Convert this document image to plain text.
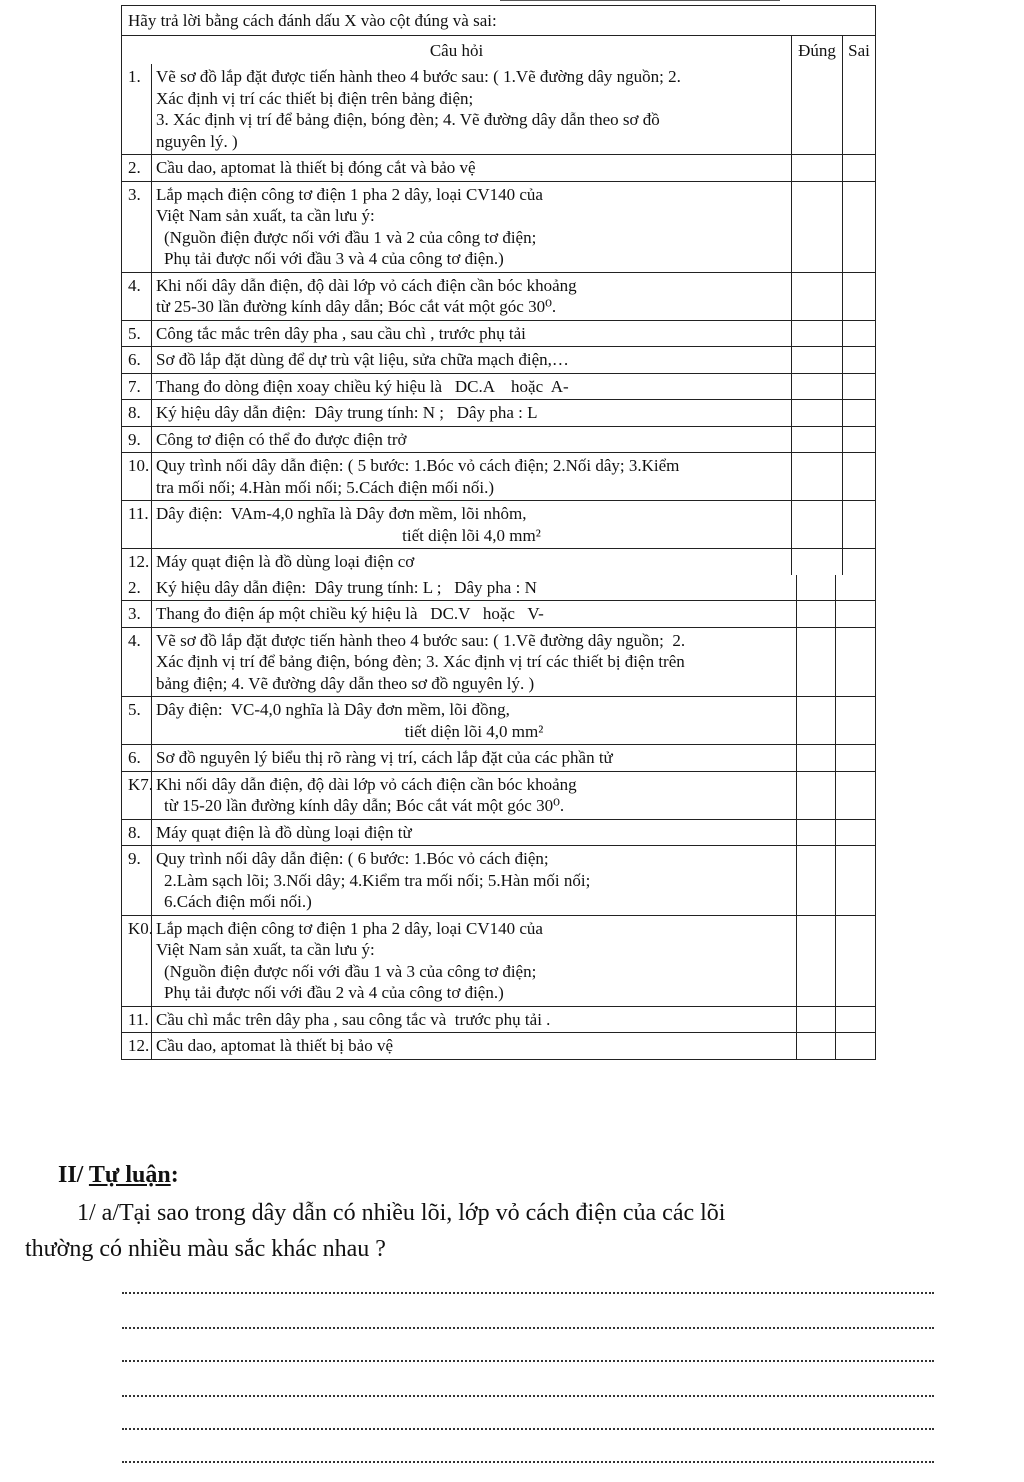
Hãy trả lời bằng cách đánh dấu X vào cột đúng và sai:
Câu hỏi	Đúng Sai
1. Vẽ sơ đồ lắp đặt được tiến hành theo 4 bước sau: ( 1.Vẽ đường dây nguồn; 2.
Xác định vị trí các thiết bị điện trên bảng điện;
3. Xác định vị trí để bảng điện, bóng đèn; 4. Vẽ đường dây dẫn theo sơ đồ
nguyên lý. )
2. Cầu dao, aptomat là thiết bị đóng cắt và bảo vệ
3. Lắp mạch điện công tơ điện 1 pha 2 dây, loại CV140 của
Việt Nam sản xuất, ta cần lưu ý:
(Nguồn điện được nối với đầu 1 và 2 của công tơ điện;
Phụ tải được nối với đầu 3 và 4 của công tơ điện.)
4. Khi nối dây dẫn điện, độ dài lớp vỏ cách điện cần bóc khoảng
từ 25-30 lần đường kính dây dẫn; Bóc cắt vát một góc 30⁰.
5. Công tắc mắc trên dây pha , sau cầu chì , trước phụ tải
6. Sơ đồ lắp đặt dùng để dự trù vật liệu, sửa chữa mạch điện,…
7. Thang đo dòng điện xoay chiều ký hiệu là   DC.A    hoặc  A-
8. Ký hiệu dây dẫn điện:  Dây trung tính: N ;   Dây pha : L
9. Công tơ điện có thể đo được điện trở
10. Quy trình nối dây dẫn điện: ( 5 bước: 1.Bóc vỏ cách điện; 2.Nối dây; 3.Kiểm
tra mối nối; 4.Hàn mối nối; 5.Cách điện mối nối.)
11. Dây điện:  VAm-4,0 nghĩa là Dây đơn mềm, lõi nhôm,
tiết diện lõi 4,0 mm²
12. Máy quạt điện là đồ dùng loại điện cơ
2. Ký hiệu dây dẫn điện:  Dây trung tính: L ;   Dây pha : N
3. Thang đo điện áp một chiều ký hiệu là   DC.V   hoặc   V-
4. Vẽ sơ đồ lắp đặt được tiến hành theo 4 bước sau: ( 1.Vẽ đường dây nguồn;  2.
Xác định vị trí để bảng điện, bóng đèn; 3. Xác định vị trí các thiết bị điện trên
bảng điện; 4. Vẽ đường dây dẫn theo sơ đồ nguyên lý. )
5. Dây điện:  VC-4,0 nghĩa là Dây đơn mềm, lõi đồng,
tiết diện lõi 4,0 mm²
6. Sơ đồ nguyên lý biểu thị rõ ràng vị trí, cách lắp đặt của các phần tử
K7. Khi nối dây dẫn điện, độ dài lớp vỏ cách điện cần bóc khoảng
từ 15-20 lần đường kính dây dẫn; Bóc cắt vát một góc 30⁰.
8. Máy quạt điện là đồ dùng loại điện từ
9. Quy trình nối dây dẫn điện: ( 6 bước: 1.Bóc vỏ cách điện;
2.Làm sạch lõi; 3.Nối dây; 4.Kiểm tra mối nối; 5.Hàn mối nối;
6.Cách điện mối nối.)
K0. Lắp mạch điện công tơ điện 1 pha 2 dây, loại CV140 của
Việt Nam sản xuất, ta cần lưu ý:
(Nguồn điện được nối với đầu 1 và 3 của công tơ điện;
Phụ tải được nối với đầu 2 và 4 của công tơ điện.)
11. Cầu chì mắc trên dây pha , sau công tắc và  trước phụ tải .
12. Cầu dao, aptomat là thiết bị bảo vệ
II/ Tự luận:
1/ a/Tại sao trong dây dẫn có nhiều lõi, lớp vỏ cách điện của các lõi
thường có nhiều màu sắc khác nhau ?
